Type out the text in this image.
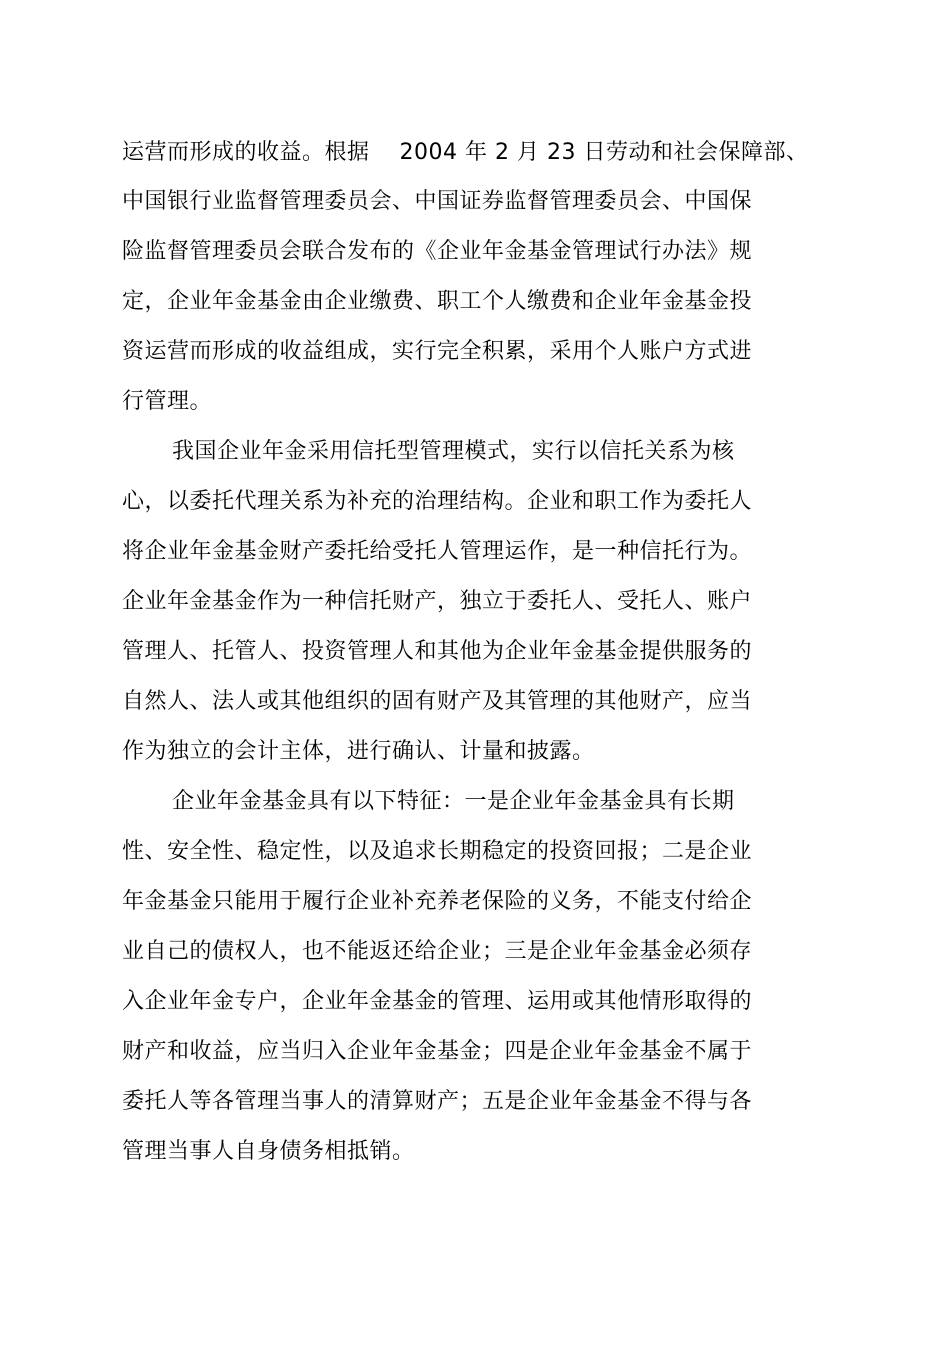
运营而形成的收益。根据　 2004 年 2 月 23 日劳动和社会保障部、
中国银行业监督管理委员会、中国证券监督管理委员会、中国保
险监督管理委员会联合发布的《企业年金基金管理试行办法》规
定，企业年金基金由企业缴费、职工个人缴费和企业年金基金投
资运营而形成的收益组成，实行完全积累，采用个人账户方式进
行管理。
我国企业年金采用信托型管理模式，实行以信托关系为核
心，以委托代理关系为补充的治理结构。企业和职工作为委托人
将企业年金基金财产委托给受托人管理运作，是一种信托行为。
企业年金基金作为一种信托财产，独立于委托人、受托人、账户
管理人、托管人、投资管理人和其他为企业年金基金提供服务的
自然人、法人或其他组织的固有财产及其管理的其他财产，应当
作为独立的会计主体，进行确认、计量和披露。
企业年金基金具有以下特征：一是企业年金基金具有长期
性、安全性、稳定性，以及追求长期稳定的投资回报；二是企业
年金基金只能用于履行企业补充养老保险的义务，不能支付给企
业自己的债权人，也不能返还给企业；三是企业年金基金必须存
入企业年金专户，企业年金基金的管理、运用或其他情形取得的
财产和收益，应当归入企业年金基金；四是企业年金基金不属于
委托人等各管理当事人的清算财产；五是企业年金基金不得与各
管理当事人自身债务相抵销。
